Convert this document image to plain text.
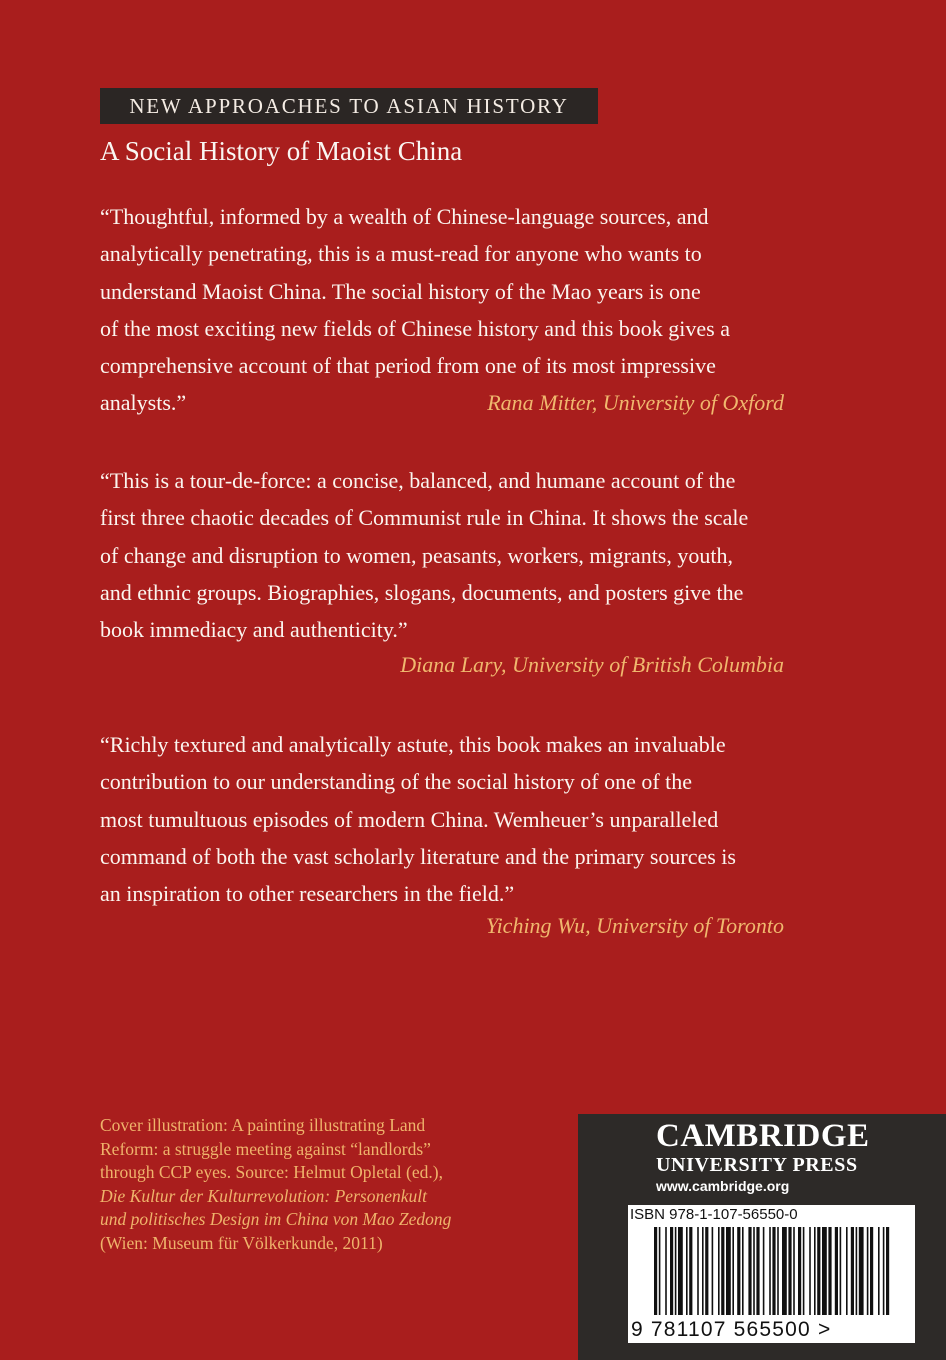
NEW APPROACHES TO ASIAN HISTORY
A Social History of Maoist China

“Thoughtful, informed by a wealth of Chinese-language sources, and

analytically penetrating, this is a must-read for anyone who wants to

understand Maoist China. The social history of the Mao years is one

of the most exciting new fields of Chinese history and this book gives a

comprehensive account of that period from one of its most impressive

analysts.”	Rana Mitter, University of Oxford

“This is a tour-de-force: a concise, balanced, and humane account of the

first three chaotic decades of Communist rule in China. It shows the scale

of change and disruption to women, peasants, workers, migrants, youth,

and ethnic groups. Biographies, slogans, documents, and posters give the

book immediacy and authenticity.”

Diana Lary, University of British Columbia

“Richly textured and analytically astute, this book makes an invaluable

contribution to our understanding of the social history of one of the

most tumultuous episodes of modern China. Wemheuer’s unparalleled

command of both the vast scholarly literature and the primary sources is

an inspiration to other researchers in the field.”

Yiching Wu, University of Toronto

Cover illustration: A painting illustrating Land

Reform: a struggle meeting against “landlords”

through CCP eyes. Source: Helmut Opletal (ed.),

Die Kultur der Kulturrevolution: Personenkult

und politisches Design im China von Mao Zedong

(Wien: Museum für Völkerkunde, 2011)

CAMBRIDGE
UNIVERSITY PRESS
www.cambridge.org
ISBN 978-1-107-56550-0
9 781107 565500 >
